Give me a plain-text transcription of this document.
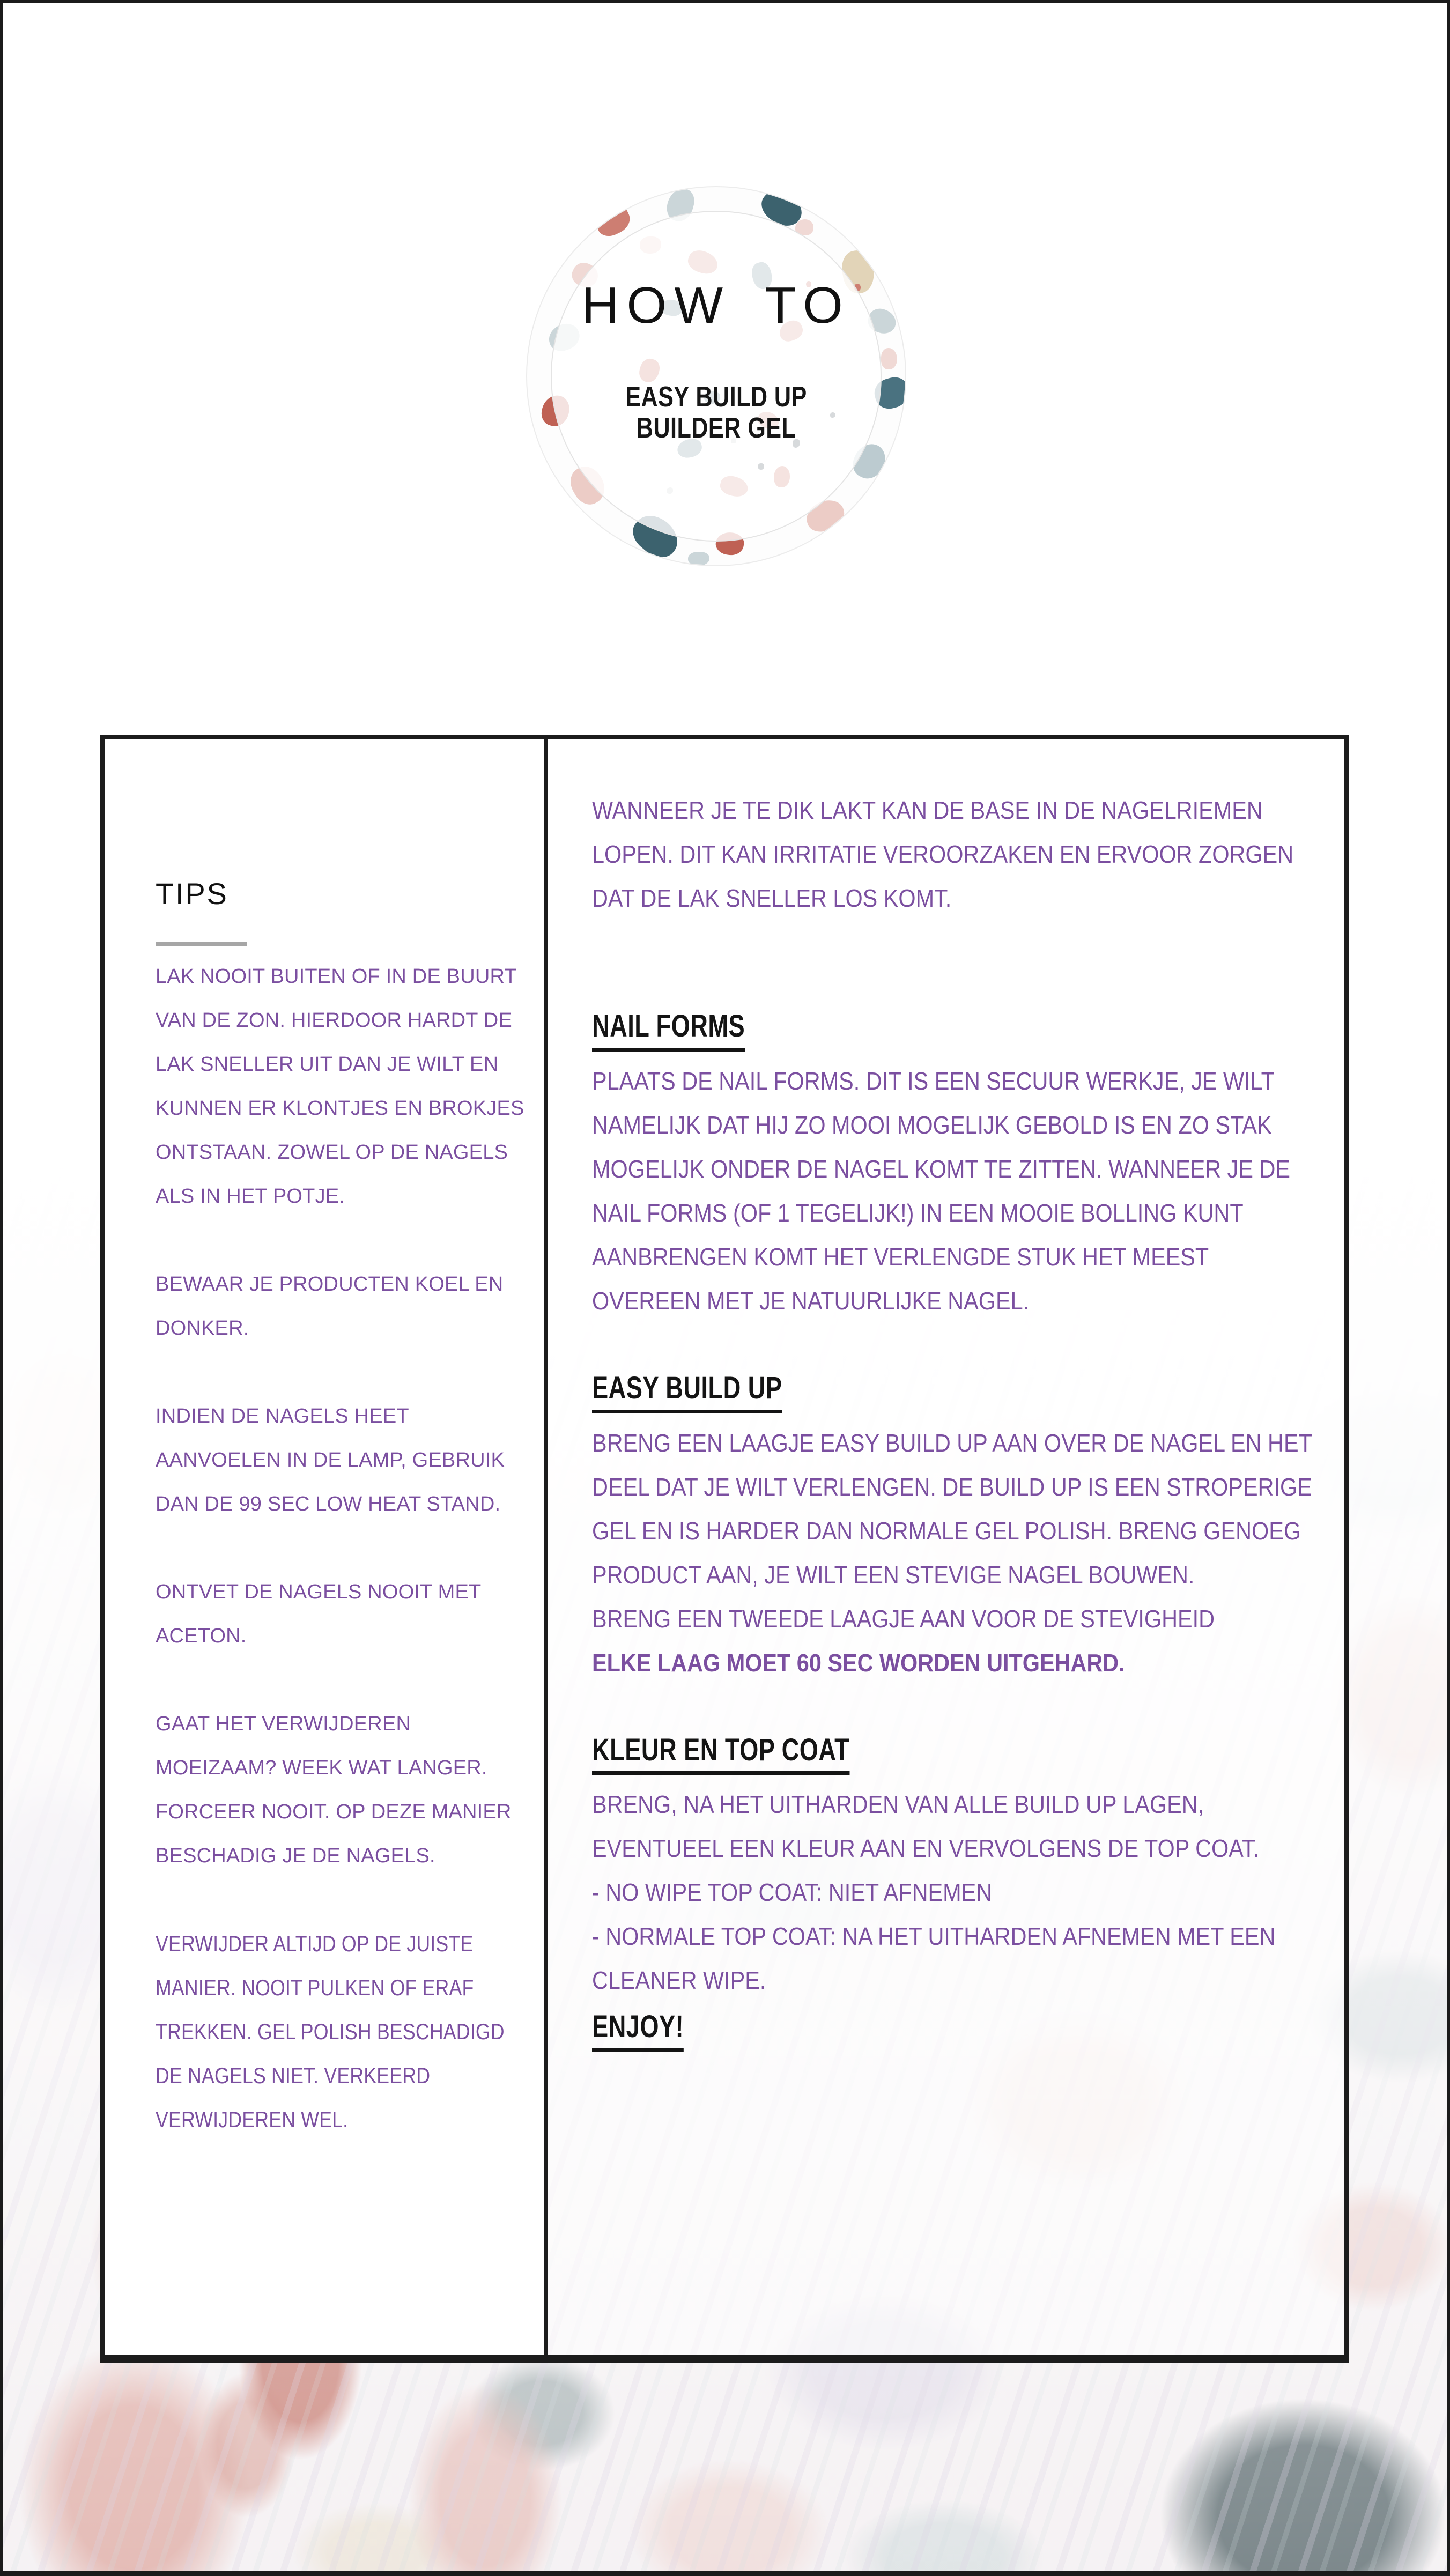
HOW TO
EASY BUILD UP
BUILDER GEL
TIPS

LAK NOOIT BUITEN OF IN DE BUURT VAN DE ZON. HIERDOOR HARDT DE LAK SNELLER UIT DAN JE WILT EN KUNNEN ER KLONTJES EN BROKJES ONTSTAAN. ZOWEL OP DE NAGELS ALS IN HET POTJE.

BEWAAR JE PRODUCTEN KOEL EN DONKER.

INDIEN DE NAGELS HEET AANVOELEN IN DE LAMP, GEBRUIK DAN DE 99 SEC LOW HEAT STAND.

ONTVET DE NAGELS NOOIT MET ACETON.

GAAT HET VERWIJDEREN MOEIZAAM? WEEK WAT LANGER. FORCEER NOOIT. OP DEZE MANIER BESCHADIG JE DE NAGELS.

VERWIJDER ALTIJD OP DE JUISTE MANIER. NOOIT PULKEN OF ERAF TREKKEN. GEL POLISH BESCHADIGD DE NAGELS NIET. VERKEERD VERWIJDEREN WEL.

WANNEER JE TE DIK LAKT KAN DE BASE IN DE NAGELRIEMEN LOPEN. DIT KAN IRRITATIE VEROORZAKEN EN ERVOOR ZORGEN DAT DE LAK SNELLER LOS KOMT.

NAIL FORMS

PLAATS DE NAIL FORMS. DIT IS EEN SECUUR WERKJE, JE WILT NAMELIJK DAT HIJ ZO MOOI MOGELIJK GEBOLD IS EN ZO STAK MOGELIJK ONDER DE NAGEL KOMT TE ZITTEN. WANNEER JE DE NAIL FORMS (OF 1 TEGELIJK!) IN EEN MOOIE BOLLING KUNT AANBRENGEN KOMT HET VERLENGDE STUK HET MEEST OVEREEN MET JE NATUURLIJKE NAGEL.

EASY BUILD UP

BRENG EEN LAAGJE EASY BUILD UP AAN OVER DE NAGEL EN HET DEEL DAT JE WILT VERLENGEN. DE BUILD UP IS EEN STROPERIGE GEL EN IS HARDER DAN NORMALE GEL POLISH. BRENG GENOEG PRODUCT AAN, JE WILT EEN STEVIGE NAGEL BOUWEN.

BRENG EEN TWEEDE LAAGJE AAN VOOR DE STEVIGHEID

ELKE LAAG MOET 60 SEC WORDEN UITGEHARD.

KLEUR EN TOP COAT

BRENG, NA HET UITHARDEN VAN ALLE BUILD UP LAGEN, EVENTUEEL EEN KLEUR AAN EN VERVOLGENS DE TOP COAT.

- NO WIPE TOP COAT: NIET AFNEMEN

- NORMALE TOP COAT: NA HET UITHARDEN AFNEMEN MET EEN CLEANER WIPE.

ENJOY!
